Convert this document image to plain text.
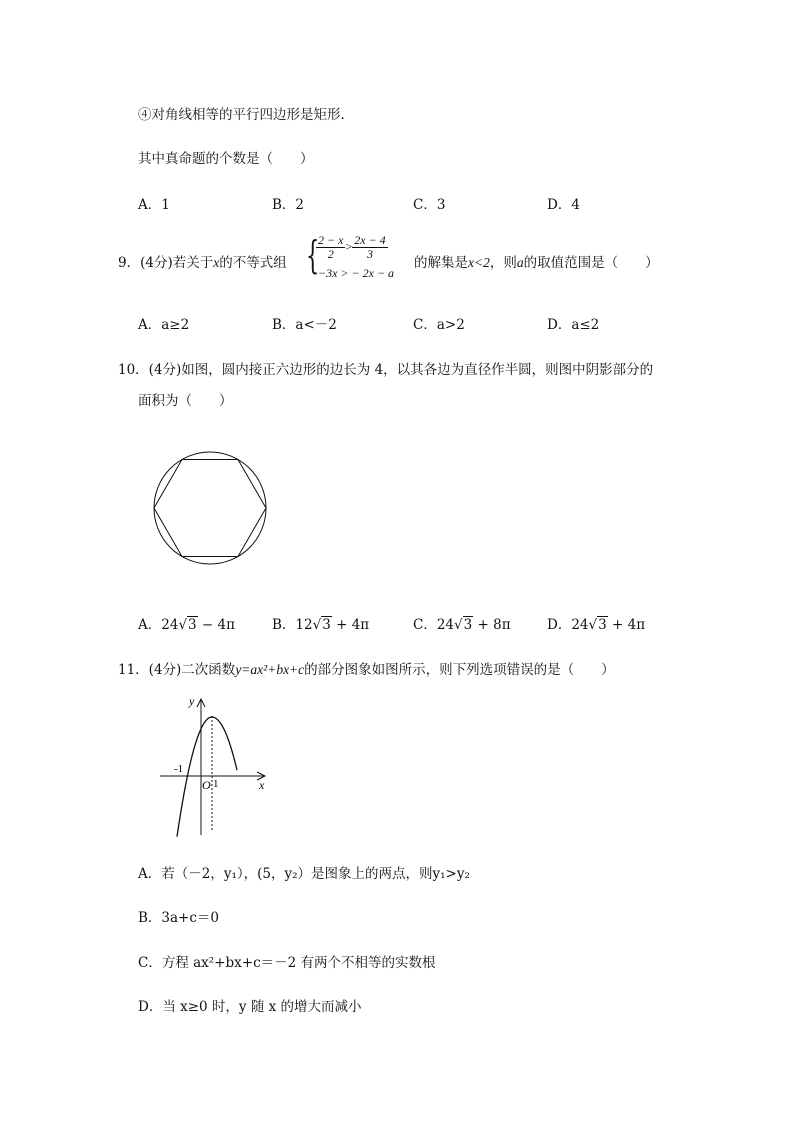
④对角线相等的平行四边形是矩形.
其中真命题的个数是（　　）
A．1	B．2	C．3	D．4
9．(4分)若关于x的不等式组 {
$\frac{2 - x}{2} > \frac{2x - 4}{3}$
−3x > − 2x − a
的解集是x<2，则a的取值范围是（　　）
A．a≥2	B．a<－2	C．a>2	D．a≤2
10．(4分)如图，圆内接正六边形的边长为 4，以其各边为直径作半圆，则图中阴影部分的
面积为（　　）
A．24√3 − 4π	B．12√3 + 4π	C．24√3 + 8π	D．24√3 + 4π
11．(4分)二次函数y=ax²+bx+c的部分图象如图所示，则下列选项错误的是（　　）
y
x
O
-1
1
A．若（－2，y₁），(5，y₂）是图象上的两点，则y₁>y₂
B．3a+c＝0
C．方程 ax²+bx+c＝－2 有两个不相等的实数根
D．当 x≥0 时，y 随 x 的增大而减小
